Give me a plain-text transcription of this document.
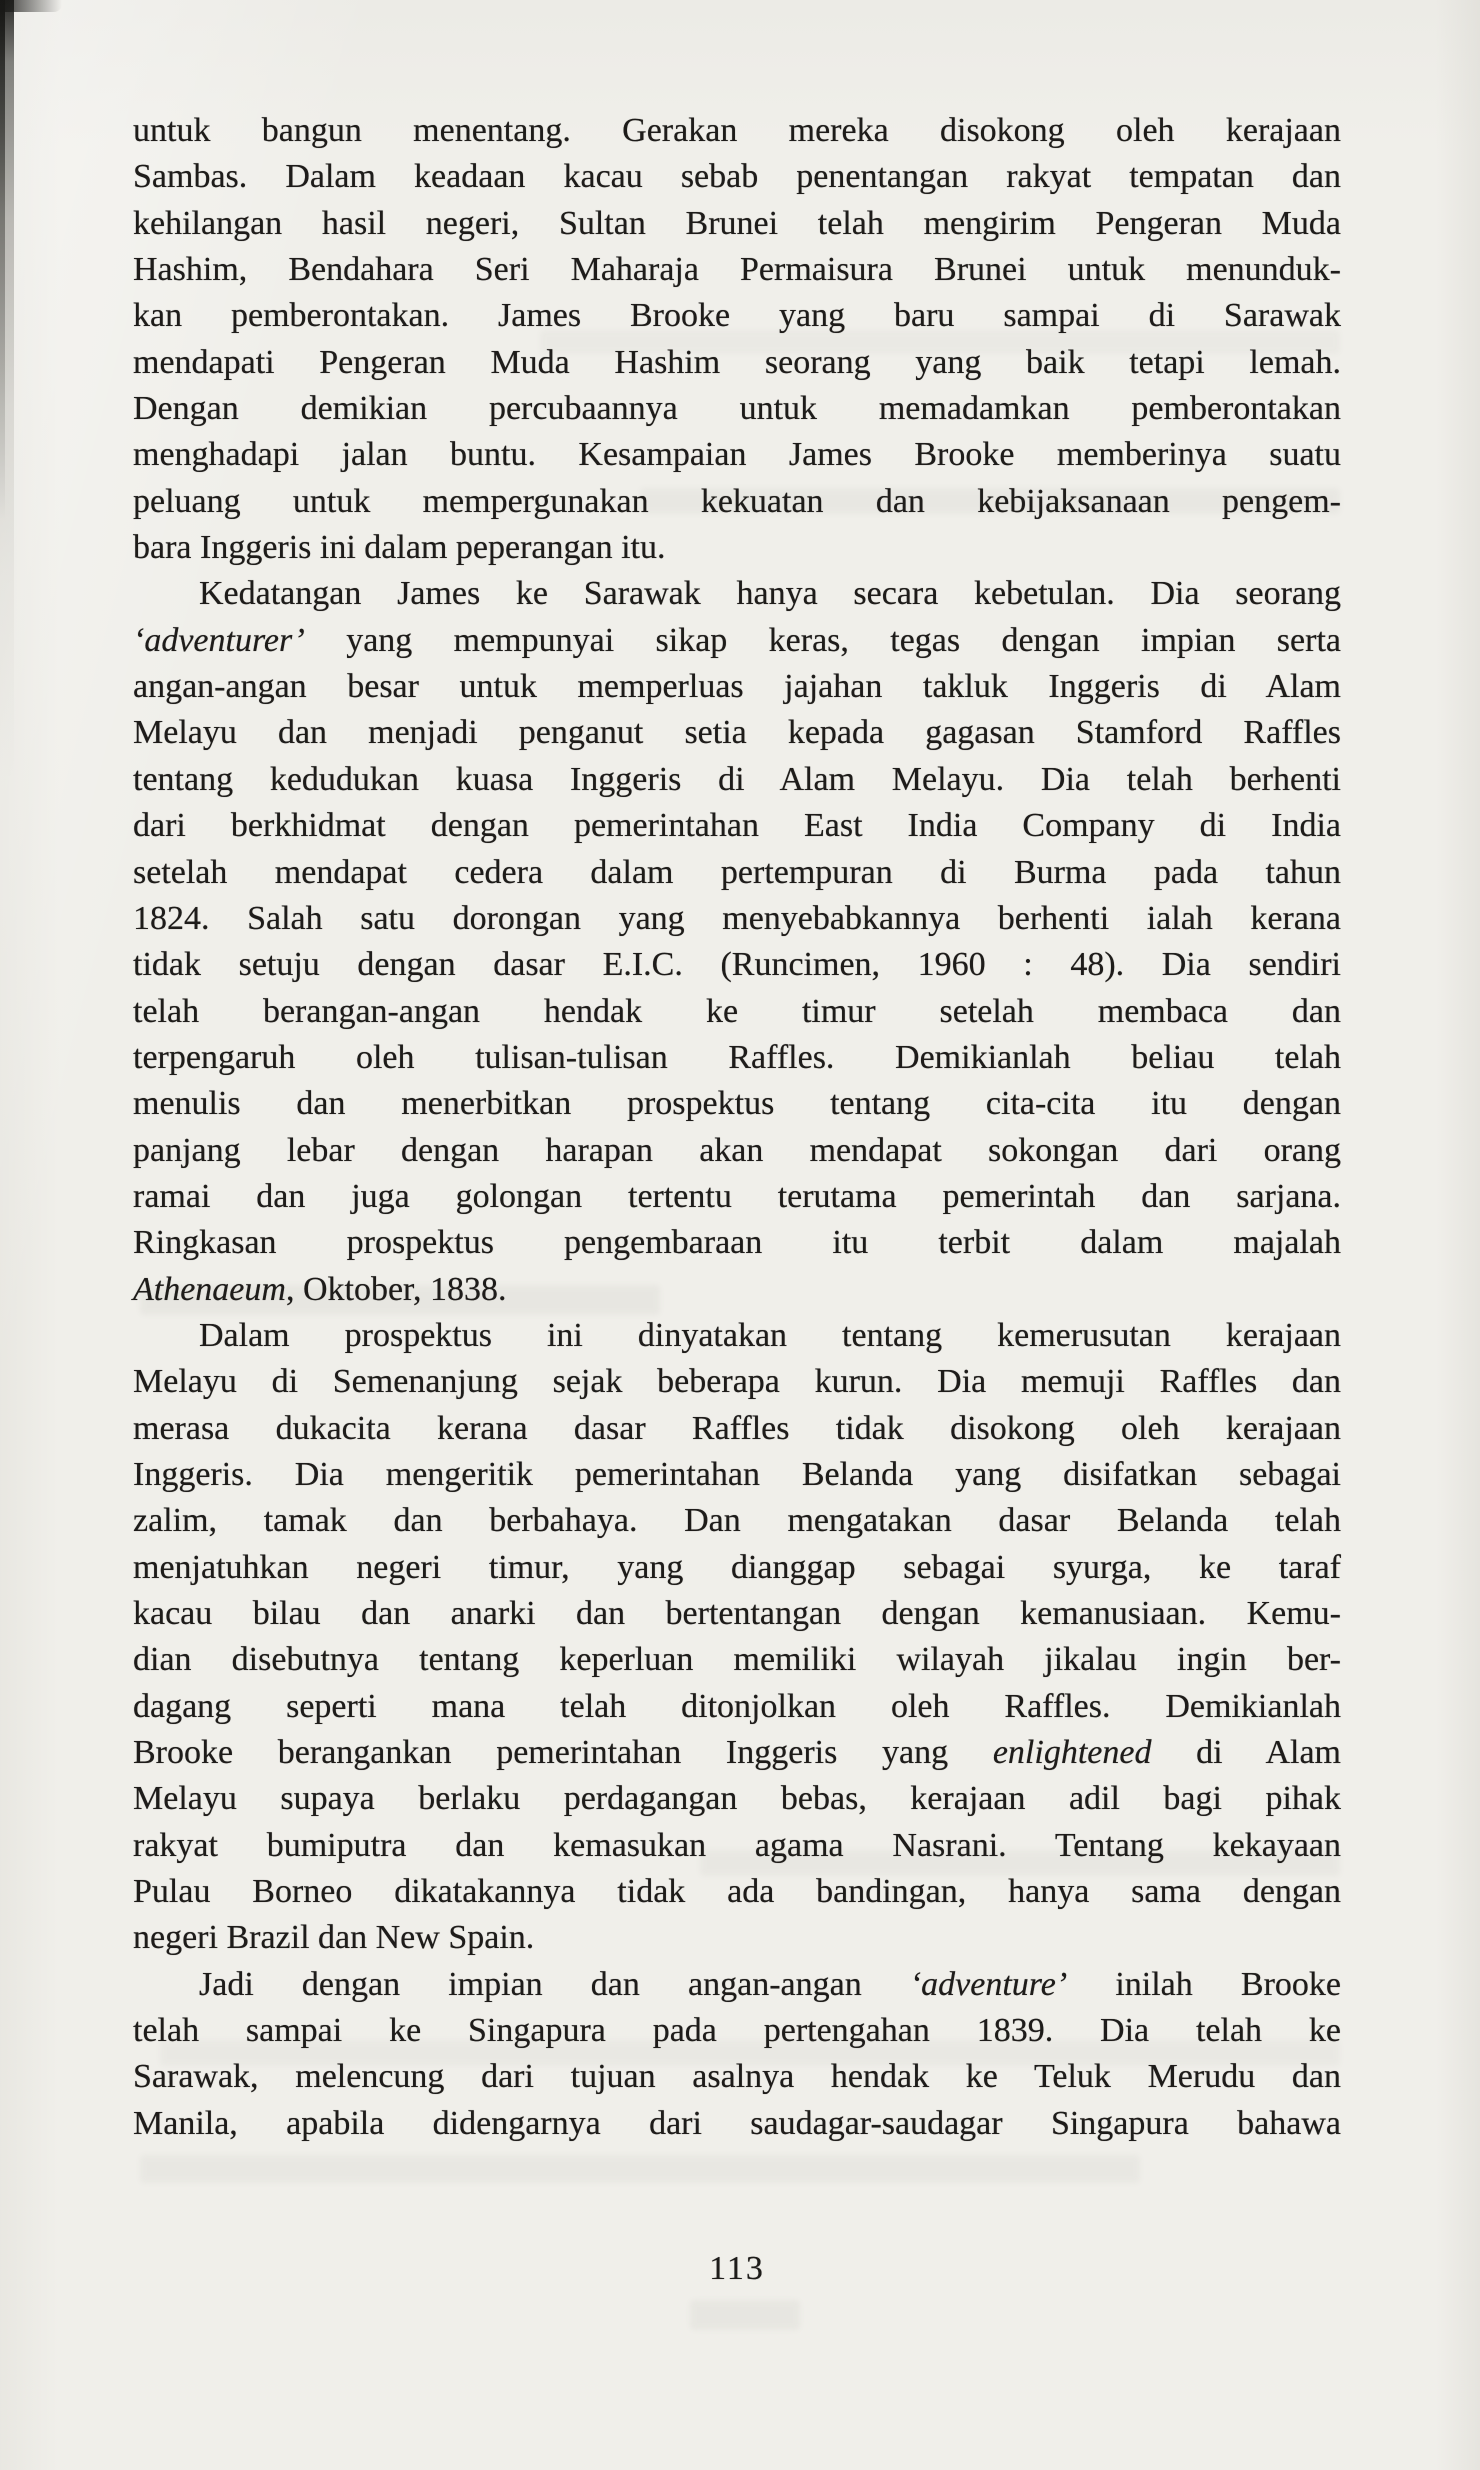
untuk bangun menentang. Gerakan mereka disokong oleh kerajaan
Sambas. Dalam keadaan kacau sebab penentangan rakyat tempatan dan
kehilangan hasil negeri, Sultan Brunei telah mengirim Pengeran Muda
Hashim, Bendahara Seri Maharaja Permaisura Brunei untuk menunduk-
kan pemberontakan. James Brooke yang baru sampai di Sarawak
mendapati Pengeran Muda Hashim seorang yang baik tetapi lemah.
Dengan demikian percubaannya untuk memadamkan pemberontakan
menghadapi jalan buntu. Kesampaian James Brooke memberinya suatu
peluang untuk mempergunakan kekuatan dan kebijaksanaan pengem-
bara Inggeris ini dalam peperangan itu.
Kedatangan James ke Sarawak hanya secara kebetulan. Dia seorang
‘adventurer’ yang mempunyai sikap keras, tegas dengan impian serta
angan-angan besar untuk memperluas jajahan takluk Inggeris di Alam
Melayu dan menjadi penganut setia kepada gagasan Stamford Raffles
tentang kedudukan kuasa Inggeris di Alam Melayu. Dia telah berhenti
dari berkhidmat dengan pemerintahan East India Company di India
setelah mendapat cedera dalam pertempuran di Burma pada tahun
1824. Salah satu dorongan yang menyebabkannya berhenti ialah kerana
tidak setuju dengan dasar E.I.C. (Runcimen, 1960 : 48). Dia sendiri
telah berangan-angan hendak ke timur setelah membaca dan
terpengaruh oleh tulisan-tulisan Raffles. Demikianlah beliau telah
menulis dan menerbitkan prospektus tentang cita-cita itu dengan
panjang lebar dengan harapan akan mendapat sokongan dari orang
ramai dan juga golongan tertentu terutama pemerintah dan sarjana.
Ringkasan prospektus pengembaraan itu terbit dalam majalah
Athenaeum, Oktober, 1838.
Dalam prospektus ini dinyatakan tentang kemerusutan kerajaan
Melayu di Semenanjung sejak beberapa kurun. Dia memuji Raffles dan
merasa dukacita kerana dasar Raffles tidak disokong oleh kerajaan
Inggeris. Dia mengeritik pemerintahan Belanda yang disifatkan sebagai
zalim, tamak dan berbahaya. Dan mengatakan dasar Belanda telah
menjatuhkan negeri timur, yang dianggap sebagai syurga, ke taraf
kacau bilau dan anarki dan bertentangan dengan kemanusiaan. Kemu-
dian disebutnya tentang keperluan memiliki wilayah jikalau ingin ber-
dagang seperti mana telah ditonjolkan oleh Raffles. Demikianlah
Brooke berangankan pemerintahan Inggeris yang enlightened di Alam
Melayu supaya berlaku perdagangan bebas, kerajaan adil bagi pihak
rakyat bumiputra dan kemasukan agama Nasrani. Tentang kekayaan
Pulau Borneo dikatakannya tidak ada bandingan, hanya sama dengan
negeri Brazil dan New Spain.
Jadi dengan impian dan angan-angan ‘adventure’ inilah Brooke
telah sampai ke Singapura pada pertengahan 1839. Dia telah ke
Sarawak, melencung dari tujuan asalnya hendak ke Teluk Merudu dan
Manila, apabila didengarnya dari saudagar-saudagar Singapura bahawa
113
